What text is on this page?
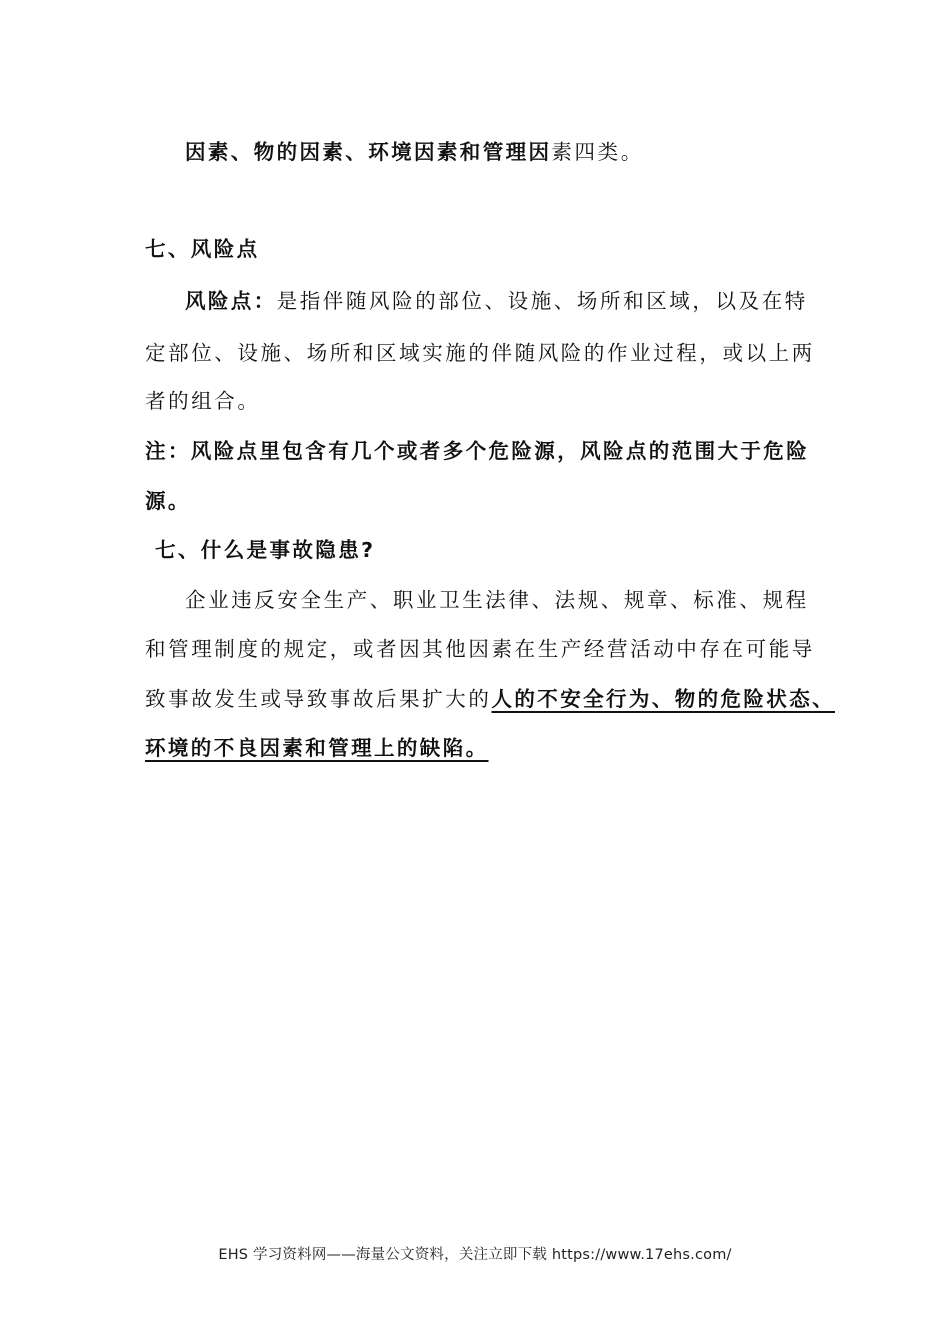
因素、物的因素、环境因素和管理因素四类。
七、风险点
风险点：是指伴随风险的部位、设施、场所和区域，以及在特
定部位、设施、场所和区域实施的伴随风险的作业过程，或以上两
者的组合。
注：风险点里包含有几个或者多个危险源，风险点的范围大于危险
源。
七、什么是事故隐患?
企业违反安全生产、职业卫生法律、法规、规章、标准、规程
和管理制度的规定，或者因其他因素在生产经营活动中存在可能导
致事故发生或导致事故后果扩大的人的不安全行为、物的危险状态、
环境的不良因素和管理上的缺陷。
EHS 学习资料网——海量公文资料，关注立即下载 https://www.17ehs.com/
